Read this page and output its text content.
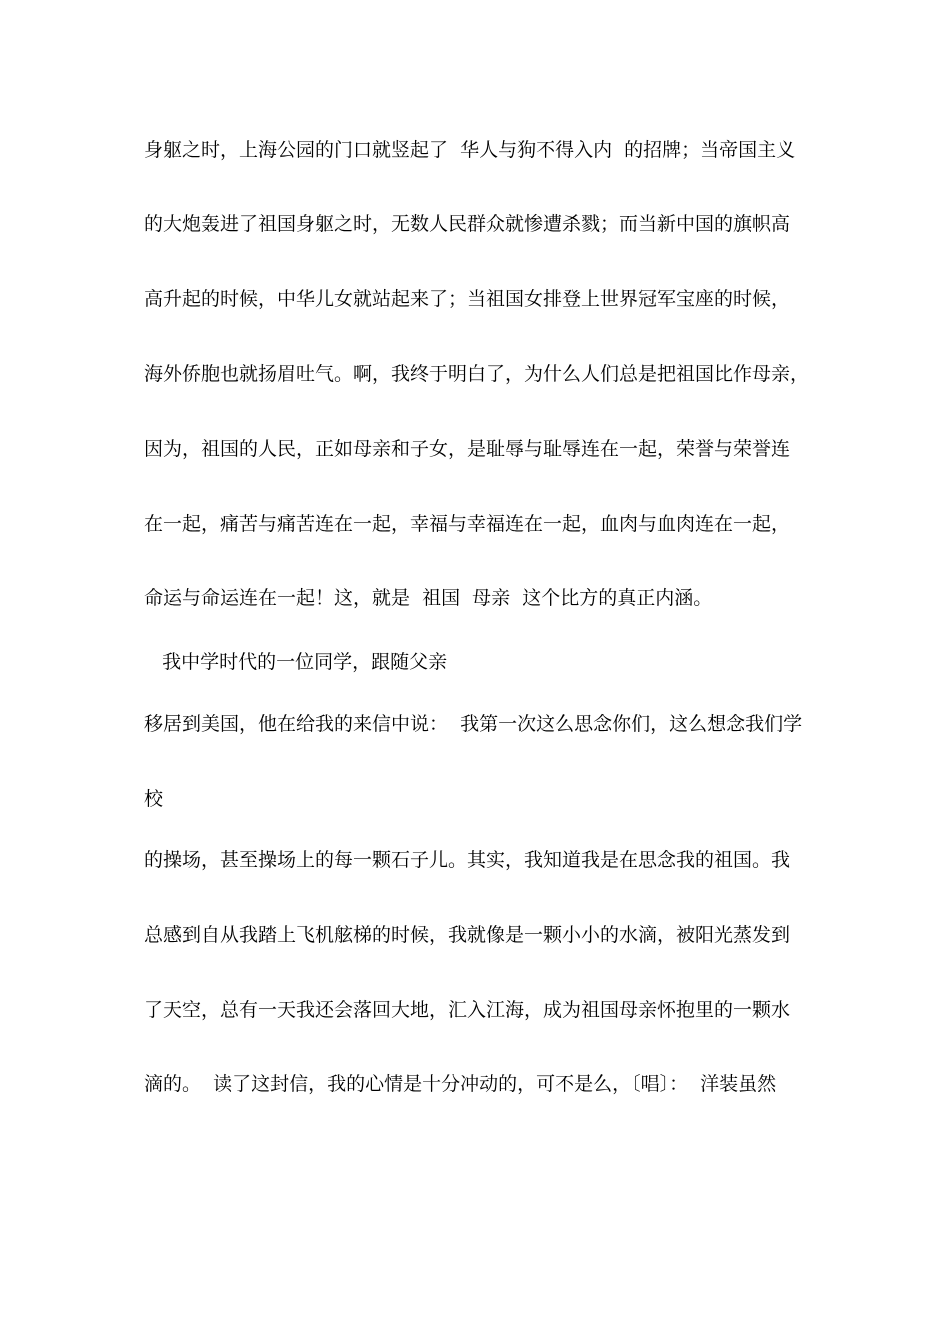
身躯之时，上海公园的门口就竖起了  华人与狗不得入内  的招牌；当帝国主义
的大炮轰进了祖国身躯之时，无数人民群众就惨遭杀戮；而当新中国的旗帜高
高升起的时候，中华儿女就站起来了；当祖国女排登上世界冠军宝座的时候，
海外侨胞也就扬眉吐气。啊，我终于明白了，为什么人们总是把祖国比作母亲，
因为，祖国的人民，正如母亲和子女，是耻辱与耻辱连在一起，荣誉与荣誉连
在一起，痛苦与痛苦连在一起，幸福与幸福连在一起，血肉与血肉连在一起，
命运与命运连在一起！这，就是  祖国  母亲  这个比方的真正内涵。
我中学时代的一位同学，跟随父亲
移居到美国，他在给我的来信中说：  我第一次这么思念你们，这么想念我们学
校
的操场，甚至操场上的每一颗石子儿。其实，我知道我是在思念我的祖国。我
总感到自从我踏上飞机舷梯的时候，我就像是一颗小小的水滴，被阳光蒸发到
了天空，总有一天我还会落回大地，汇入江海，成为祖国母亲怀抱里的一颗水
滴的。  读了这封信，我的心情是十分冲动的，可不是么，〔唱〕：  洋装虽然
